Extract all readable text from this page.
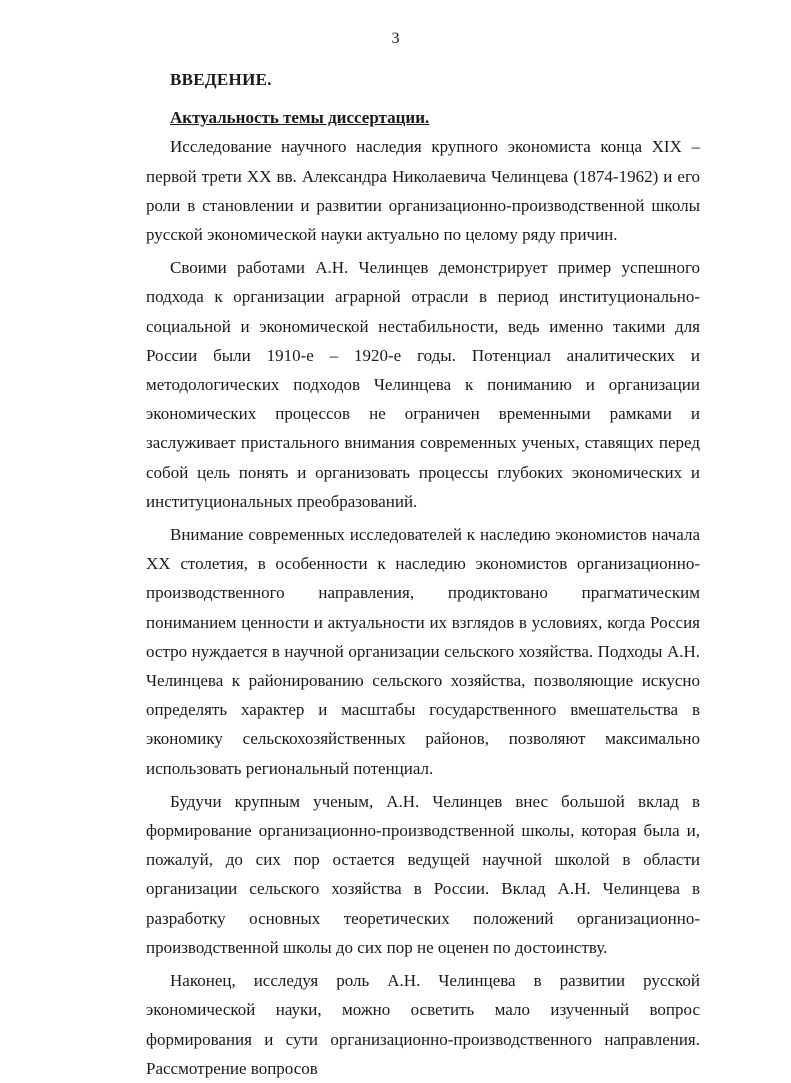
3
ВВЕДЕНИЕ.
Актуальность темы диссертации.

Исследование научного наследия крупного экономиста конца XIX – первой трети XX вв. Александра Николаевича Челинцева (1874-1962) и его роли в становлении и развитии организационно-производственной школы русской экономической науки актуально по целому ряду причин.

Своими работами А.Н. Челинцев демонстрирует пример успешного подхода к организации аграрной отрасли в период институционально-социальной и экономической нестабильности, ведь именно такими для России были 1910-е – 1920-е годы. Потенциал аналитических и методологических подходов Челинцева к пониманию и организации экономических процессов не ограничен временными рамками и заслуживает пристального внимания современных ученых, ставящих перед собой цель понять и организовать процессы глубоких экономических и институциональных преобразований.

Внимание современных исследователей к наследию экономистов начала XX столетия, в особенности к наследию экономистов организационно-производственного направления, продиктовано прагматическим пониманием ценности и актуальности их взглядов в условиях, когда Россия остро нуждается в научной организации сельского хозяйства. Подходы А.Н. Челинцева к районированию сельского хозяйства, позволяющие искусно определять характер и масштабы государственного вмешательства в экономику сельскохозяйственных районов, позволяют максимально использовать региональный потенциал.

Будучи крупным ученым, А.Н. Челинцев внес большой вклад в формирование организационно-производственной школы, которая была и, пожалуй, до сих пор остается ведущей научной школой в области организации сельского хозяйства в России. Вклад А.Н. Челинцева в разработку основных теоретических положений организационно-производственной школы до сих пор не оценен по достоинству.

Наконец, исследуя роль А.Н. Челинцева в развитии русской экономической науки, можно осветить мало изученный вопрос формирования и сути организационно-производственного направления. Рассмотрение вопросов
